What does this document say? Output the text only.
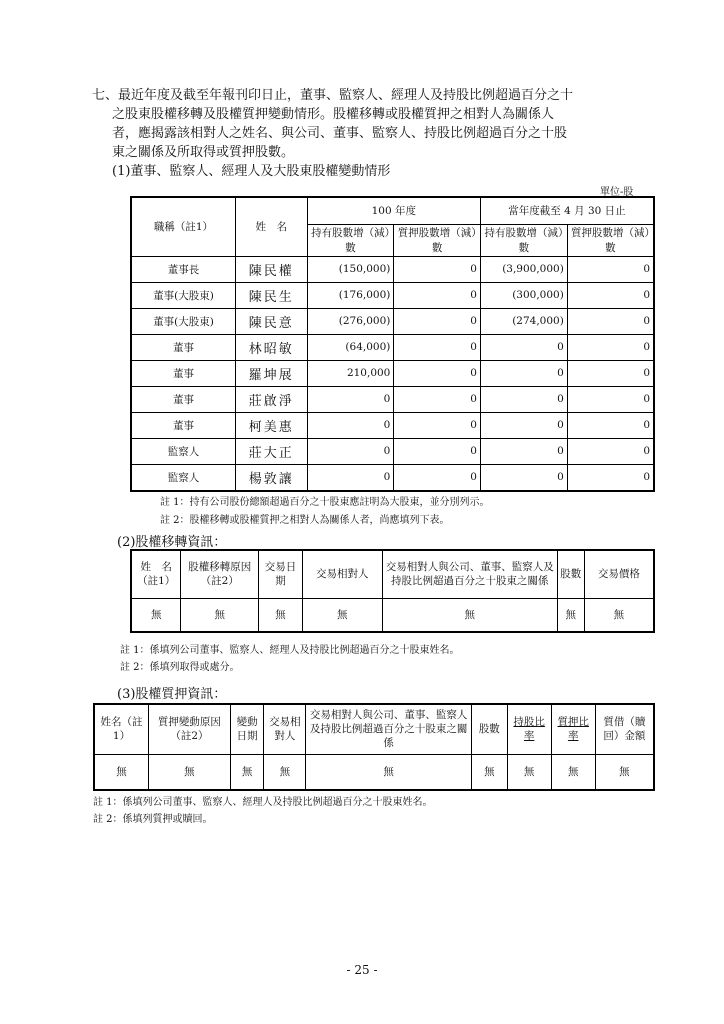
七、最近年度及截至年報刊印日止，董事、監察人、經理人及持股比例超過百分之十
之股東股權移轉及股權質押變動情形。股權移轉或股權質押之相對人為關係人
者，應揭露該相對人之姓名、與公司、董事、監察人、持股比例超過百分之十股
東之關係及所取得或質押股數。
(1)董事、監察人、經理人及大股東股權變動情形
單位-股
職稱（註1）	姓　名	100 年度		當年度截至 4 月 30 日止	
		持有股數增（減）數	質押股數增（減）數	持有股數增（減）數	質押股數增（減）數
董事長	陳民權	(150,000)	0	(3,900,000)	0
董事(大股東)	陳民生	(176,000)	0	(300,000)	0
董事(大股東)	陳民意	(276,000)	0	(274,000)	0
董事	林昭敏	(64,000)	0	0	0
董事	羅坤展	210,000	0	0	0
董事	莊啟淨	0	0	0	0
董事	柯美惠	0	0	0	0
監察人	莊大正	0	0	0	0
監察人	楊敦讓	0	0	0	0
註 1：持有公司股份總額超過百分之十股東應註明為大股東，並分別列示。
註 2：股權移轉或股權質押之相對人為關係人者，尚應填列下表。
(2)股權移轉資訊：
姓　名（註1）	股權移轉原因（註2）	交易日期	交易相對人	交易相對人與公司、董事、監察人及持股比例超過百分之十股東之關係	股數	交易價格
無	無	無	無	無	無	無
註 1：係填列公司董事、監察人、經理人及持股比例超過百分之十股東姓名。
註 2：係填列取得或處分。
(3)股權質押資訊：
姓名（註1）	質押變動原因（註2）	變動日期	交易相對人	交易相對人與公司、董事、監察人及持股比例超過百分之十股東之關係	股數	持股比率	質押比率	質借（贖回）金額
無	無	無	無	無	無	無	無	無
註 1：係填列公司董事、監察人、經理人及持股比例超過百分之十股東姓名。
註 2：係填列質押或贖回。
- 25 -
